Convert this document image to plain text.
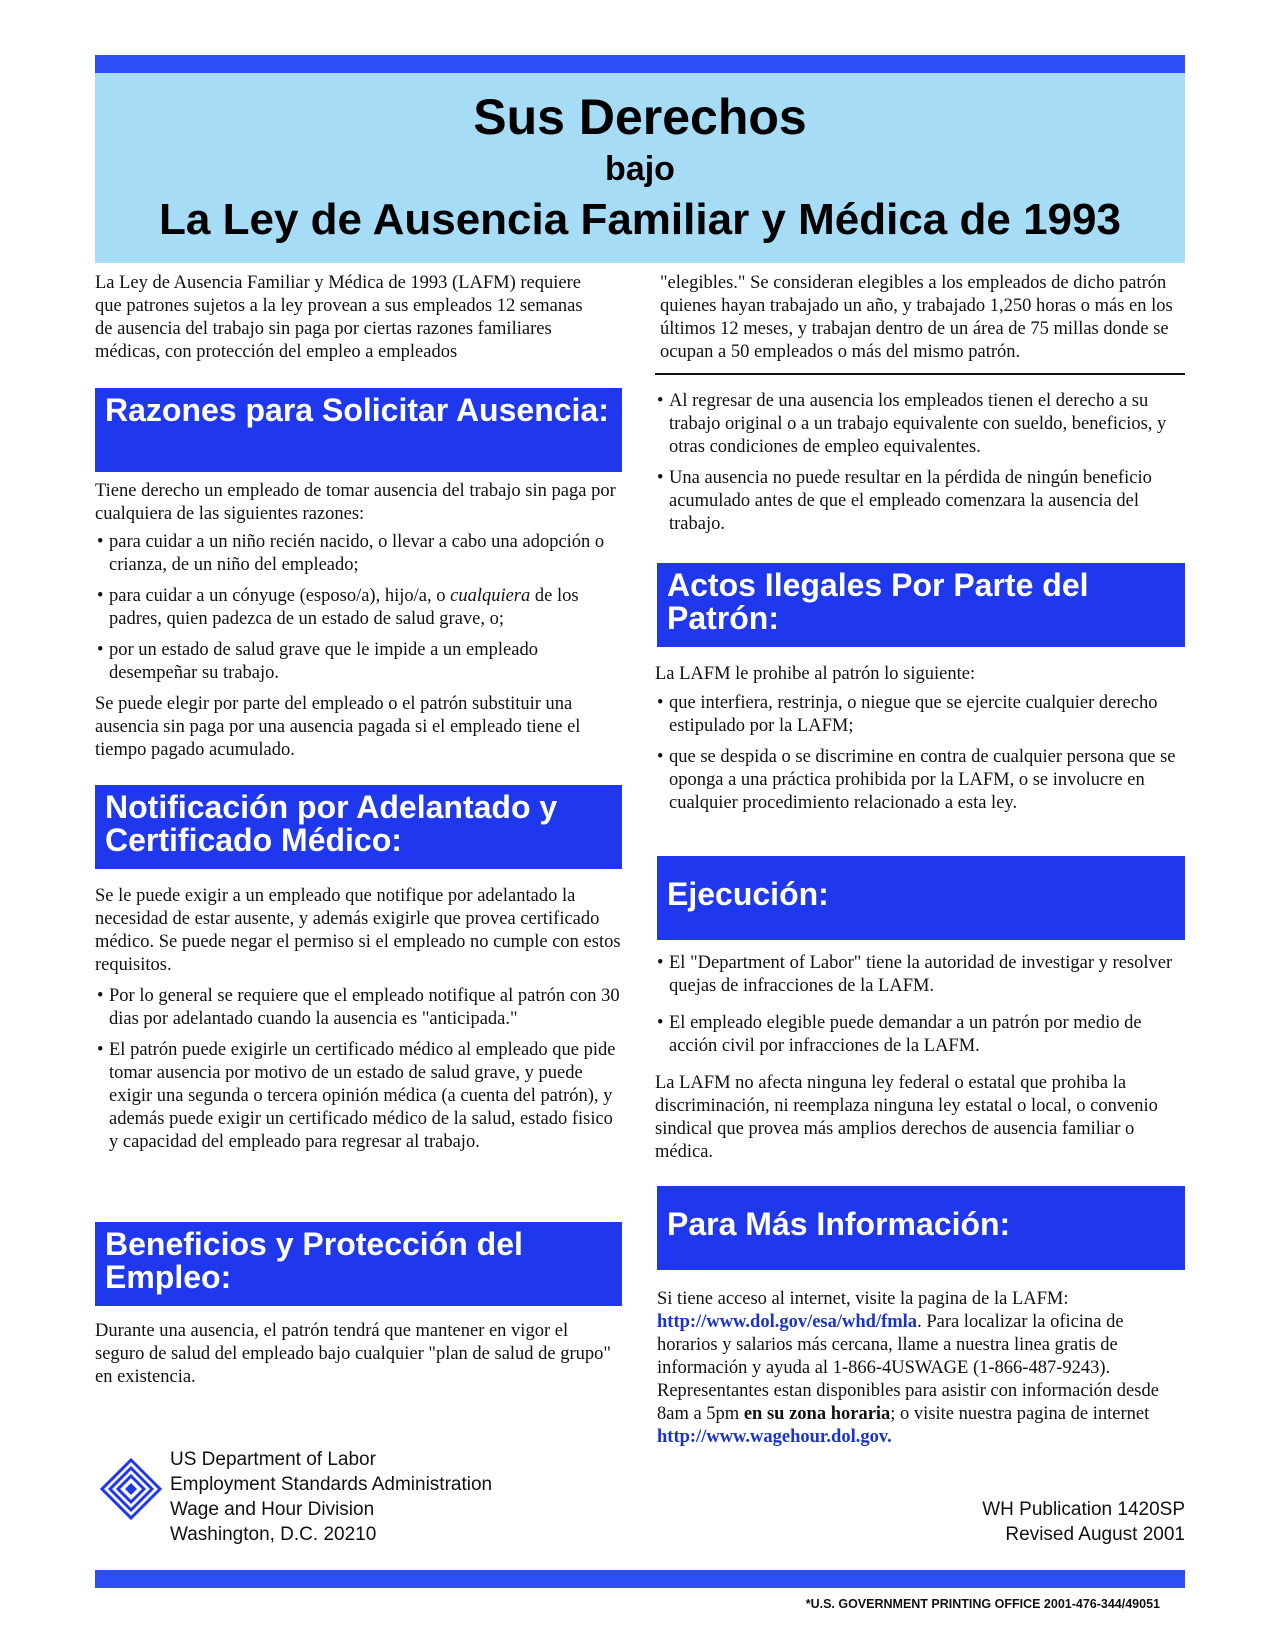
Sus Derechos
bajo
La Ley de Ausencia Familiar y Médica de 1993
La Ley de Ausencia Familiar y Médica de 1993 (LAFM) requiere que patrones sujetos a la ley provean a sus empleados 12 semanas de ausencia del trabajo sin paga por ciertas razones familiares médicas, con protección del empleo a empleados
"elegibles." Se consideran elegibles a los empleados de dicho patrón quienes hayan trabajado un año, y trabajado 1,250 horas o más en los últimos 12 meses, y trabajan dentro de un área de 75 millas donde se ocupan a 50 empleados o más del mismo patrón.
Razones para Solicitar Ausencia:
Tiene derecho un empleado de tomar ausencia del trabajo sin paga por cualquiera de las siguientes razones:
• para cuidar a un niño recién nacido, o llevar a cabo una adopción o crianza, de un niño del empleado;
• para cuidar a un cónyuge (esposo/a), hijo/a, o cualquiera de los padres, quien padezca de un estado de salud grave, o;
• por un estado de salud grave que le impide a un empleado desempeñar su trabajo.
Se puede elegir por parte del empleado o el patrón substituir una ausencia sin paga por una ausencia pagada si el empleado tiene el tiempo pagado acumulado.
Notificación por Adelantado y Certificado Médico:
Se le puede exigir a un empleado que notifique por adelantado la necesidad de estar ausente, y además exigirle que provea certificado médico. Se puede negar el permiso si el empleado no cumple con estos requisitos.
• Por lo general se requiere que el empleado notifique al patrón con 30 dias por adelantado cuando la ausencia es "anticipada."
• El patrón puede exigirle un certificado médico al empleado que pide tomar ausencia por motivo de un estado de salud grave, y puede exigir una segunda o tercera opinión médica (a cuenta del patrón), y además puede exigir un certificado médico de la salud, estado fisico y capacidad del empleado para regresar al trabajo.
Beneficios y Protección del Empleo:
Durante una ausencia, el patrón tendrá que mantener en vigor el seguro de salud del empleado bajo cualquier "plan de salud de grupo" en existencia.
• Al regresar de una ausencia los empleados tienen el derecho a su trabajo original o a un trabajo equivalente con sueldo, beneficios, y otras condiciones de empleo equivalentes.
• Una ausencia no puede resultar en la pérdida de ningún beneficio acumulado antes de que el empleado comenzara la ausencia del trabajo.
Actos Ilegales Por Parte del Patrón:
La LAFM le prohibe al patrón lo siguiente:
• que interfiera, restrinja, o niegue que se ejercite cualquier derecho estipulado por la LAFM;
• que se despida o se discrimine en contra de cualquier persona que se oponga a una práctica prohibida por la LAFM, o se involucre en cualquier procedimiento relacionado a esta ley.
Ejecución:
• El "Department of Labor" tiene la autoridad de investigar y resolver quejas de infracciones de la LAFM.
• El empleado elegible puede demandar a un patrón por medio de acción civil por infracciones de la LAFM.
La LAFM no afecta ninguna ley federal o estatal que prohiba la discriminación, ni reemplaza ninguna ley estatal o local, o convenio sindical que provea más amplios derechos de ausencia familiar o médica.
Para Más Información:
Si tiene acceso al internet, visite la pagina de la LAFM: http://www.dol.gov/esa/whd/fmla. Para localizar la oficina de horarios y salarios más cercana, llame a nuestra linea gratis de información y ayuda al 1-866-4USWAGE (1-866-487-9243). Representantes estan disponibles para asistir con información desde 8am a 5pm en su zona horaria; o visite nuestra pagina de internet http://www.wagehour.dol.gov.
US Department of Labor
Employment Standards Administration
Wage and Hour Division
Washington, D.C. 20210
WH Publication 1420SP
Revised August 2001
*U.S. GOVERNMENT PRINTING OFFICE 2001-476-344/49051
